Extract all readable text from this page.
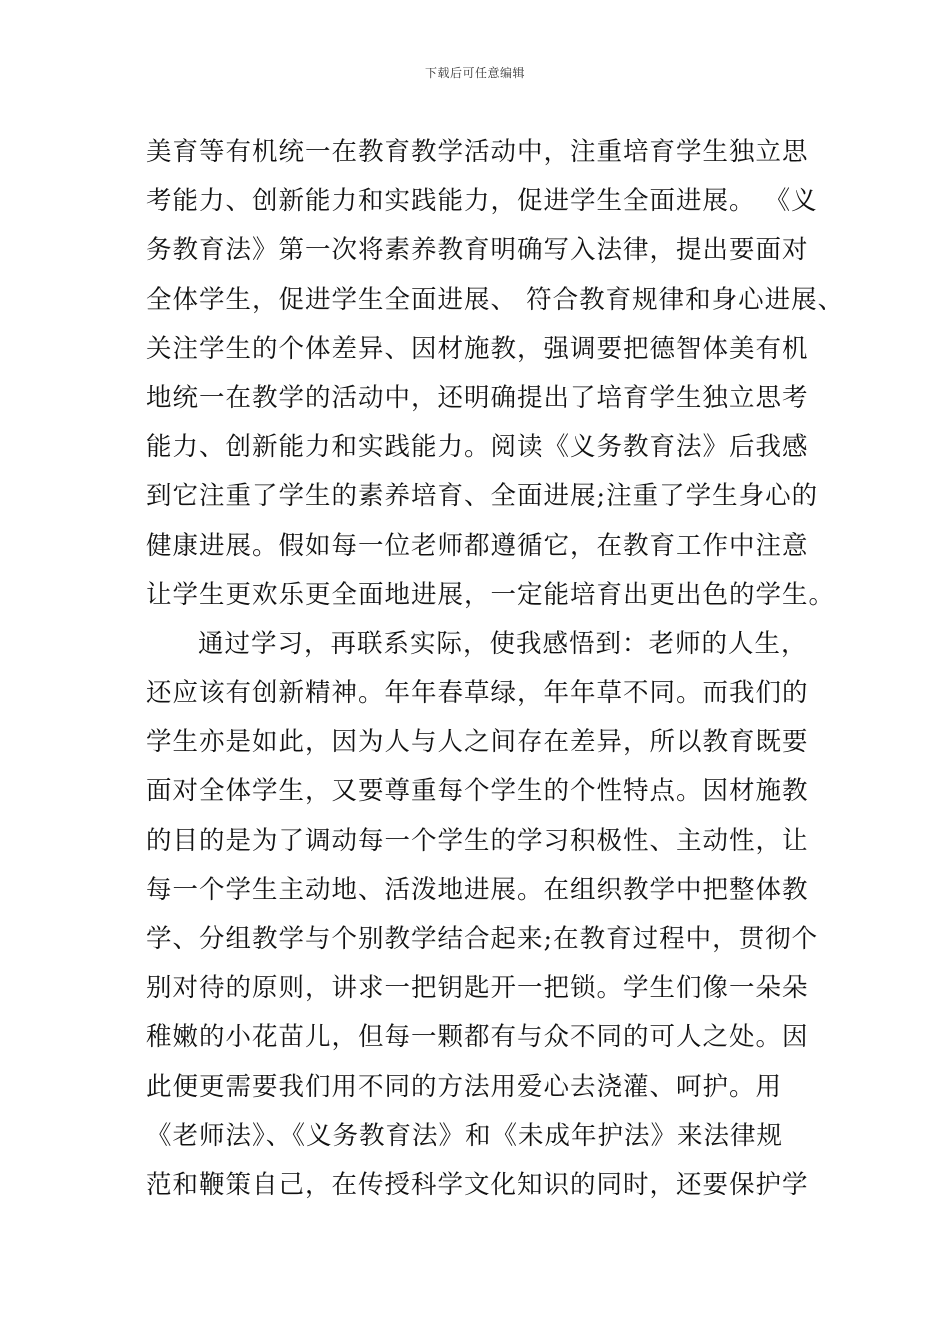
下载后可任意编辑
美育等有机统一在教育教学活动中，注重培育学生独立思
考能力、创新能力和实践能力，促进学生全面进展。 《义
务教育法》第一次将素养教育明确写入法律，提出要面对
全体学生，促进学生全面进展、 符合教育规律和身心进展、
关注学生的个体差异、因材施教，强调要把德智体美有机
地统一在教学的活动中，还明确提出了培育学生独立思考
能力、创新能力和实践能力。阅读《义务教育法》后我感
到它注重了学生的素养培育、全面进展;注重了学生身心的
健康进展。假如每一位老师都遵循它，在教育工作中注意
让学生更欢乐更全面地进展，一定能培育出更出色的学生。
通过学习，再联系实际，使我感悟到：老师的人生，
还应该有创新精神。年年春草绿，年年草不同。而我们的
学生亦是如此，因为人与人之间存在差异，所以教育既要
面对全体学生，又要尊重每个学生的个性特点。因材施教
的目的是为了调动每一个学生的学习积极性、主动性，让
每一个学生主动地、活泼地进展。在组织教学中把整体教
学、分组教学与个别教学结合起来;在教育过程中，贯彻个
别对待的原则，讲求一把钥匙开一把锁。学生们像一朵朵
稚嫩的小花苗儿，但每一颗都有与众不同的可人之处。因
此便更需要我们用不同的方法用爱心去浇灌、呵护。用
《老师法》、《义务教育法》和《未成年护法》来法律规
范和鞭策自己，在传授科学文化知识的同时，还要保护学
